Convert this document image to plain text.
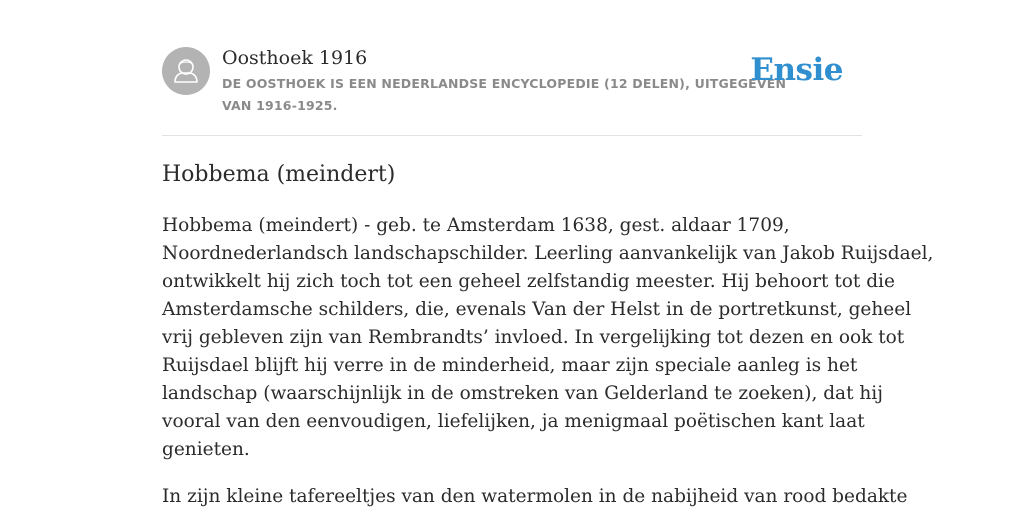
Oosthoek 1916
DE OOSTHOEK IS EEN NEDERLANDSE ENCYCLOPEDIE (12 DELEN), UITGEGEVEN
VAN 1916-1925.
Ensie
Hobbema (meindert)

Hobbema (meindert) - geb. te Amsterdam 1638, gest. aldaar 1709,
Noordnederlandsch landschapschilder. Leerling aanvankelijk van Jakob Ruijsdael,
ontwikkelt hij zich toch tot een geheel zelfstandig meester. Hij behoort tot die
Amsterdamsche schilders, die, evenals Van der Helst in de portretkunst, geheel
vrij gebleven zijn van Rembrandts’ invloed. In vergelijking tot dezen en ook tot
Ruijsdael blijft hij verre in de minderheid, maar zijn speciale aanleg is het
landschap (waarschijnlijk in de omstreken van Gelderland te zoeken), dat hij
vooral van den eenvoudigen, liefelijken, ja menigmaal poëtischen kant laat
genieten.

In zijn kleine tafereeltjes van den watermolen in de nabijheid van rood bedakte
